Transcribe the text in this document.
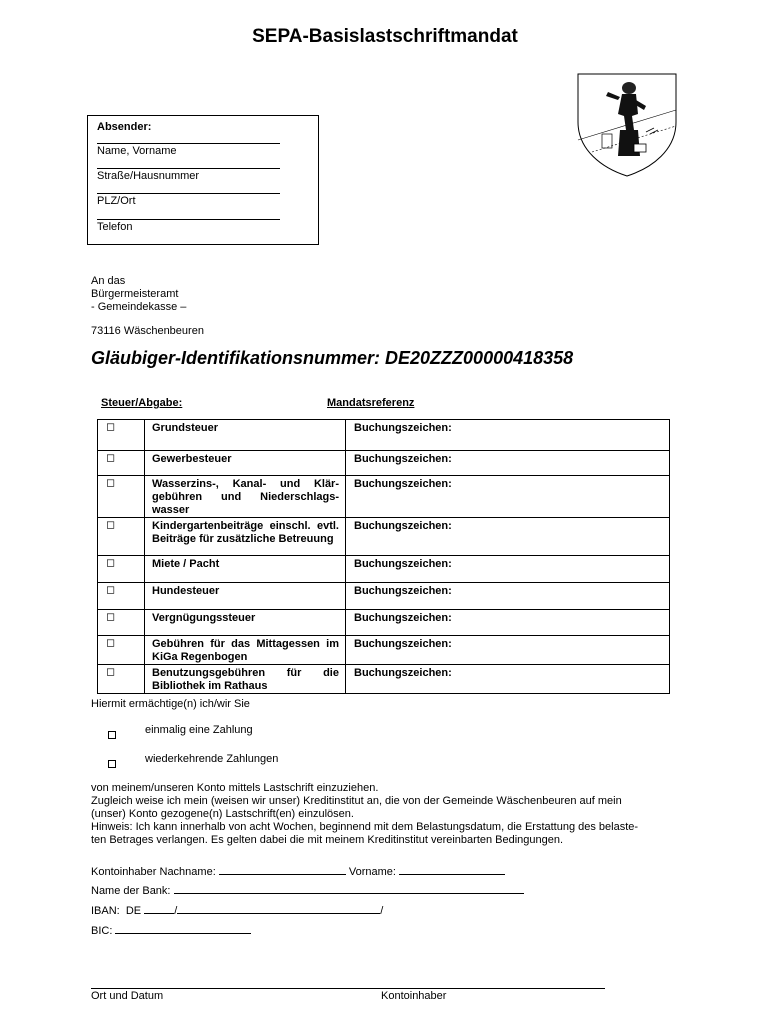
SEPA-Basislastschriftmandat
Absender:
Name, Vorname
Straße/Hausnummer
PLZ/Ort
Telefon
An das
Bürgermeisteramt
- Gemeindekasse –
73116 Wäschenbeuren
Gläubiger-Identifikationsnummer: DE20ZZZ00000418358
Steuer/Abgabe:	Mandatsreferenz
◻	Grundsteuer	Buchungszeichen:
◻	Gewerbesteuer	Buchungszeichen:
◻	Wasserzins-, Kanal- und Klär-gebühren und Niederschlags-wasser	Buchungszeichen:
◻	Kindergartenbeiträge einschl. evtl. Beiträge für zusätzliche Betreuung	Buchungszeichen:
◻	Miete / Pacht	Buchungszeichen:
◻	Hundesteuer	Buchungszeichen:
◻	Vergnügungssteuer	Buchungszeichen:
◻	Gebühren für das Mittagessen im KiGa Regenbogen	Buchungszeichen:
◻	Benutzungsgebühren für die Bibliothek im Rathaus	Buchungszeichen:
Hiermit ermächtige(n) ich/wir Sie
einmalig eine Zahlung
wiederkehrende Zahlungen
von meinem/unseren Konto mittels Lastschrift einzuziehen.
Zugleich weise ich mein (weisen wir unser) Kreditinstitut an, die von der Gemeinde Wäschenbeuren auf mein
(unser) Konto gezogene(n) Lastschrift(en) einzulösen.
Hinweis: Ich kann innerhalb von acht Wochen, beginnend mit dem Belastungsdatum, die Erstattung des belaste-
ten Betrages verlangen. Es gelten dabei die mit meinem Kreditinstitut vereinbarten Bedingungen.
Kontoinhaber Nachname:	Vorname:
Name der Bank:
IBAN: DE	/	/
BIC:
Ort und Datum	Kontoinhaber
